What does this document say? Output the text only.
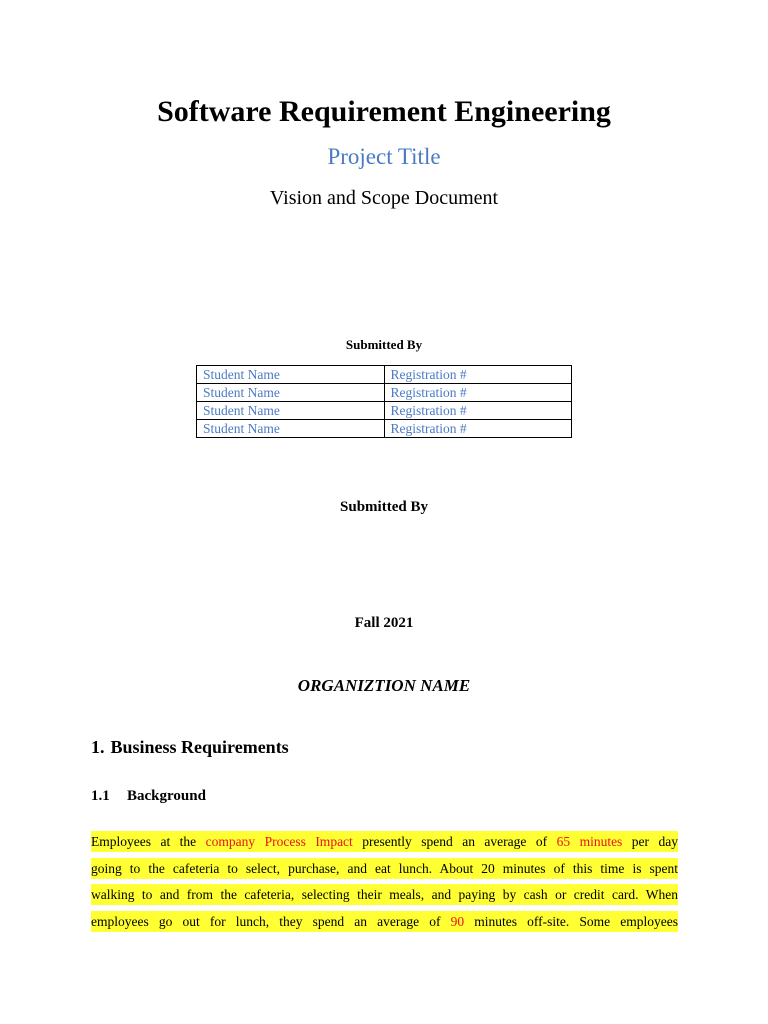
Software Requirement Engineering
Project Title
Vision and Scope Document
Submitted By
Student Name	Registration #
Student Name	Registration #
Student Name	Registration #
Student Name	Registration #
Submitted By
Fall 2021
ORGANIZTION NAME
1. Business Requirements
1.1 Background
Employees at the company Process Impact presently spend an average of 65 minutes per day
going to the cafeteria to select, purchase, and eat lunch. About 20 minutes of this time is spent
walking to and from the cafeteria, selecting their meals, and paying by cash or credit card. When
employees go out for lunch, they spend an average of 90 minutes off-site. Some employees
